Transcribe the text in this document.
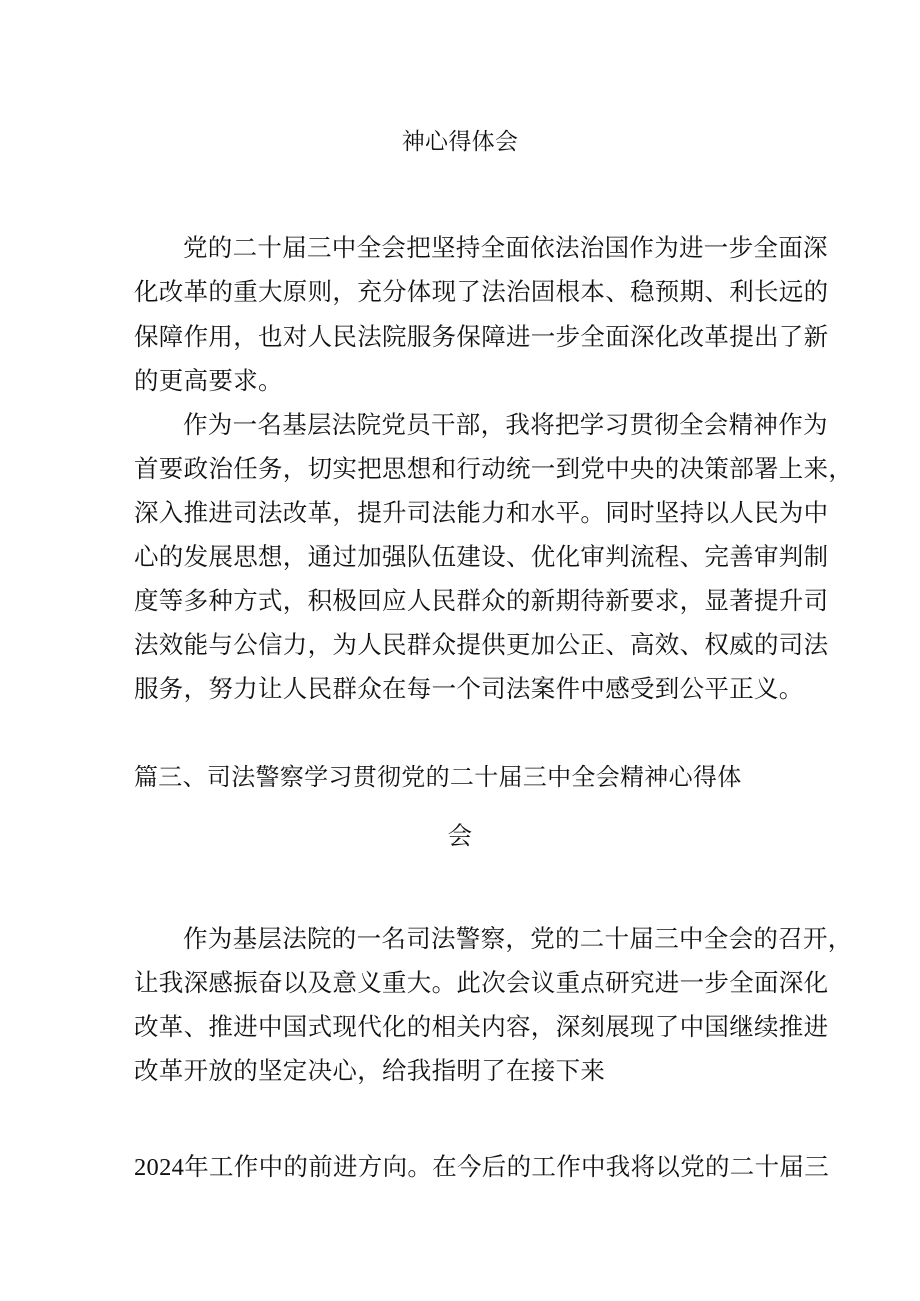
神心得体会
党的二十届三中全会把坚持全面依法治国作为进一步全面深
化改革的重大原则，充分体现了法治固根本、稳预期、利长远的
保障作用，也对人民法院服务保障进一步全面深化改革提出了新
的更高要求。
作为一名基层法院党员干部，我将把学习贯彻全会精神作为
首要政治任务，切实把思想和行动统一到党中央的决策部署上来，
深入推进司法改革，提升司法能力和水平。同时坚持以人民为中
心的发展思想，通过加强队伍建设、优化审判流程、完善审判制
度等多种方式，积极回应人民群众的新期待新要求，显著提升司
法效能与公信力，为人民群众提供更加公正、高效、权威的司法
服务，努力让人民群众在每一个司法案件中感受到公平正义。
篇三、司法警察学习贯彻党的二十届三中全会精神心得体
会
作为基层法院的一名司法警察，党的二十届三中全会的召开，
让我深感振奋以及意义重大。此次会议重点研究进一步全面深化
改革、推进中国式现代化的相关内容，深刻展现了中国继续推进
改革开放的坚定决心，给我指明了在接下来
2024年工作中的前进方向。在今后的工作中我将以党的二十届三
